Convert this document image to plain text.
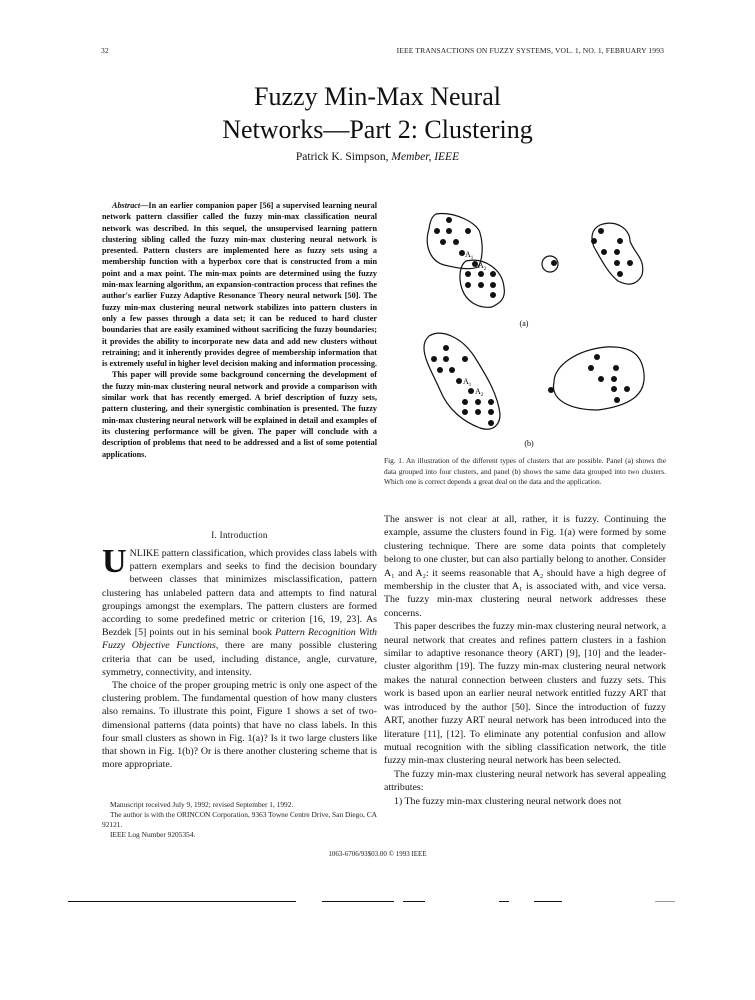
32	IEEE TRANSACTIONS ON FUZZY SYSTEMS, VOL. 1, NO. 1, FEBRUARY 1993
Fuzzy Min-Max Neural
Networks—Part 2: Clustering
Patrick K. Simpson, Member, IEEE

Abstract—In an earlier companion paper [56] a supervised learning neural network pattern classifier called the fuzzy min-max classification neural network was described. In this sequel, the unsupervised learning pattern clustering sibling called the fuzzy min-max clustering neural network is presented. Pattern clusters are implemented here as fuzzy sets using a membership function with a hyperbox core that is constructed from a min point and a max point. The min-max points are determined using the fuzzy min-max learning algorithm, an expansion-contraction process that refines the author's earlier Fuzzy Adaptive Resonance Theory neural network [50]. The fuzzy min-max clustering neural network stabilizes into pattern clusters in only a few passes through a data set; it can be reduced to hard cluster boundaries that are easily examined without sacrificing the fuzzy boundaries; it provides the ability to incorporate new data and add new clusters without retraining; and it inherently provides degree of membership information that is extremely useful in higher level decision making and information processing.

This paper will provide some background concerning the development of the fuzzy min-max clustering neural network and provide a comparison with similar work that has recently emerged. A brief description of fuzzy sets, pattern clustering, and their synergistic combination is presented. The fuzzy min-max clustering neural network will be explained in detail and examples of its clustering performance will be given. The paper will conclude with a description of problems that need to be addressed and a list of some potential applications.

$A_1$
$A_2$
(a)
$A_1$
$A_2$
(b)
Fig. 1. An illustration of the different types of clusters that are possible. Panel (a) shows the data grouped into four clusters, and panel (b) shows the same data grouped into two clusters. Which one is correct depends a great deal on the data and the application.
I. Introduction

UNLIKE pattern classification, which provides class labels with pattern exemplars and seeks to find the decision boundary between classes that minimizes misclassification, pattern clustering has unlabeled pattern data and attempts to find natural groupings amongst the exemplars. The pattern clusters are formed according to some predefined metric or criterion [16, 19, 23]. As Bezdek [5] points out in his seminal book Pattern Recognition With Fuzzy Objective Functions, there are many possible clustering criteria that can be used, including distance, angle, curvature, symmetry, connectivity, and intensity.

The choice of the proper grouping metric is only one aspect of the clustering problem. The fundamental question of how many clusters also remains. To illustrate this point, Figure 1 shows a set of two-dimensional patterns (data points) that have no class labels. In this four small clusters as shown in Fig. 1(a)? Is it two large clusters like that shown in Fig. 1(b)? Or is there another clustering scheme that is more appropriate.

Manuscript received July 9, 1992; revised September 1, 1992.

The author is with the ORINCON Corporation, 9363 Towne Centre Drive, San Diego, CA 92121.

IEEE Log Number 9205354.

The answer is not clear at all, rather, it is fuzzy. Continuing the example, assume the clusters found in Fig. 1(a) were formed by some clustering technique. There are some data points that completely belong to one cluster, but can also partially belong to another. Consider A₁ and A₂: it seems reasonable that A₂ should have a high degree of membership in the cluster that A₁ is associated with, and vice versa. The fuzzy min-max clustering neural network addresses these concerns.

This paper describes the fuzzy min-max clustering neural network, a neural network that creates and refines pattern clusters in a fashion similar to adaptive resonance theory (ART) [9], [10] and the leader-cluster algorithm [19]. The fuzzy min-max clustering neural network makes the natural connection between clusters and fuzzy sets. This work is based upon an earlier neural network entitled fuzzy ART that was introduced by the author [50]. Since the introduction of fuzzy ART, another fuzzy ART neural network has been introduced into the literature [11], [12]. To eliminate any potential confusion and allow mutual recognition with the sibling classification network, the title fuzzy min-max clustering neural network has been selected.

The fuzzy min-max clustering neural network has several appealing attributes:

1) The fuzzy min-max clustering neural network does not

1063-6706/93$03.00 © 1993 IEEE
